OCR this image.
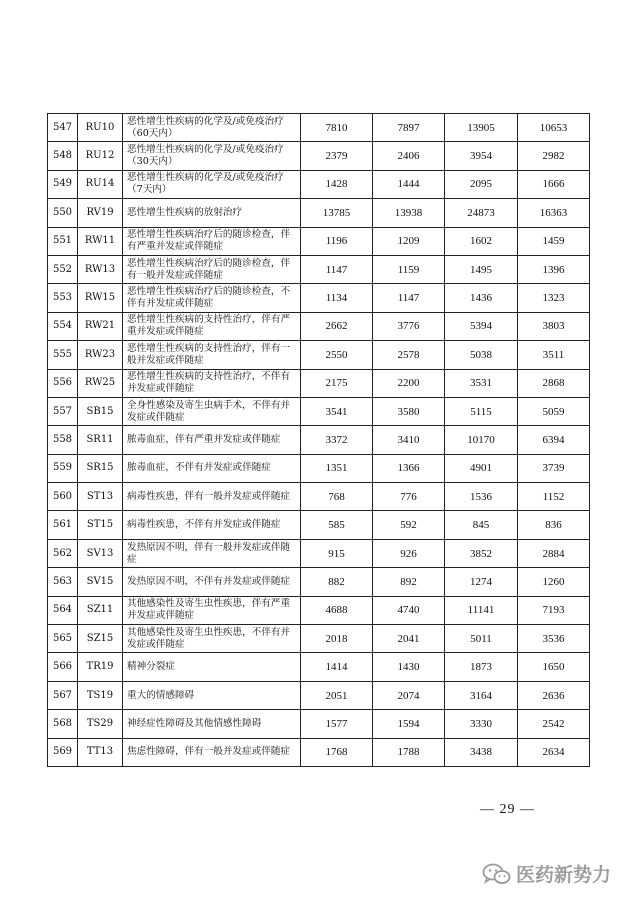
547	RU10	恶性增生性疾病的化学及/或免疫治疗（60天内）	7810	7897	13905	10653
548	RU12	恶性增生性疾病的化学及/或免疫治疗（30天内）	2379	2406	3954	2982
549	RU14	恶性增生性疾病的化学及/或免疫治疗（7天内）	1428	1444	2095	1666
550	RV19	恶性增生性疾病的放射治疗	13785	13938	24873	16363
551	RW11	恶性增生性疾病治疗后的随诊检查，伴有严重并发症或伴随症	1196	1209	1602	1459
552	RW13	恶性增生性疾病治疗后的随诊检查，伴有一般并发症或伴随症	1147	1159	1495	1396
553	RW15	恶性增生性疾病治疗后的随诊检查，不伴有并发症或伴随症	1134	1147	1436	1323
554	RW21	恶性增生性疾病的支持性治疗，伴有严重并发症或伴随症	2662	3776	5394	3803
555	RW23	恶性增生性疾病的支持性治疗，伴有一般并发症或伴随症	2550	2578	5038	3511
556	RW25	恶性增生性疾病的支持性治疗，不伴有并发症或伴随症	2175	2200	3531	2868
557	SB15	全身性感染及寄生虫病手术，不伴有并发症或伴随症	3541	3580	5115	5059
558	SR11	脓毒血症，伴有严重并发症或伴随症	3372	3410	10170	6394
559	SR15	脓毒血症，不伴有并发症或伴随症	1351	1366	4901	3739
560	ST13	病毒性疾患，伴有一般并发症或伴随症	768	776	1536	1152
561	ST15	病毒性疾患，不伴有并发症或伴随症	585	592	845	836
562	SV13	发热原因不明，伴有一般并发症或伴随症	915	926	3852	2884
563	SV15	发热原因不明，不伴有并发症或伴随症	882	892	1274	1260
564	SZ11	其他感染性及寄生虫性疾患，伴有严重并发症或伴随症	4688	4740	11141	7193
565	SZ15	其他感染性及寄生虫性疾患，不伴有并发症或伴随症	2018	2041	5011	3536
566	TR19	精神分裂症	1414	1430	1873	1650
567	TS19	重大的情感障碍	2051	2074	3164	2636
568	TS29	神经症性障碍及其他情感性障碍	1577	1594	3330	2542
569	TT13	焦虑性障碍，伴有一般并发症或伴随症	1768	1788	3438	2634
— 29 —
医药新势力
